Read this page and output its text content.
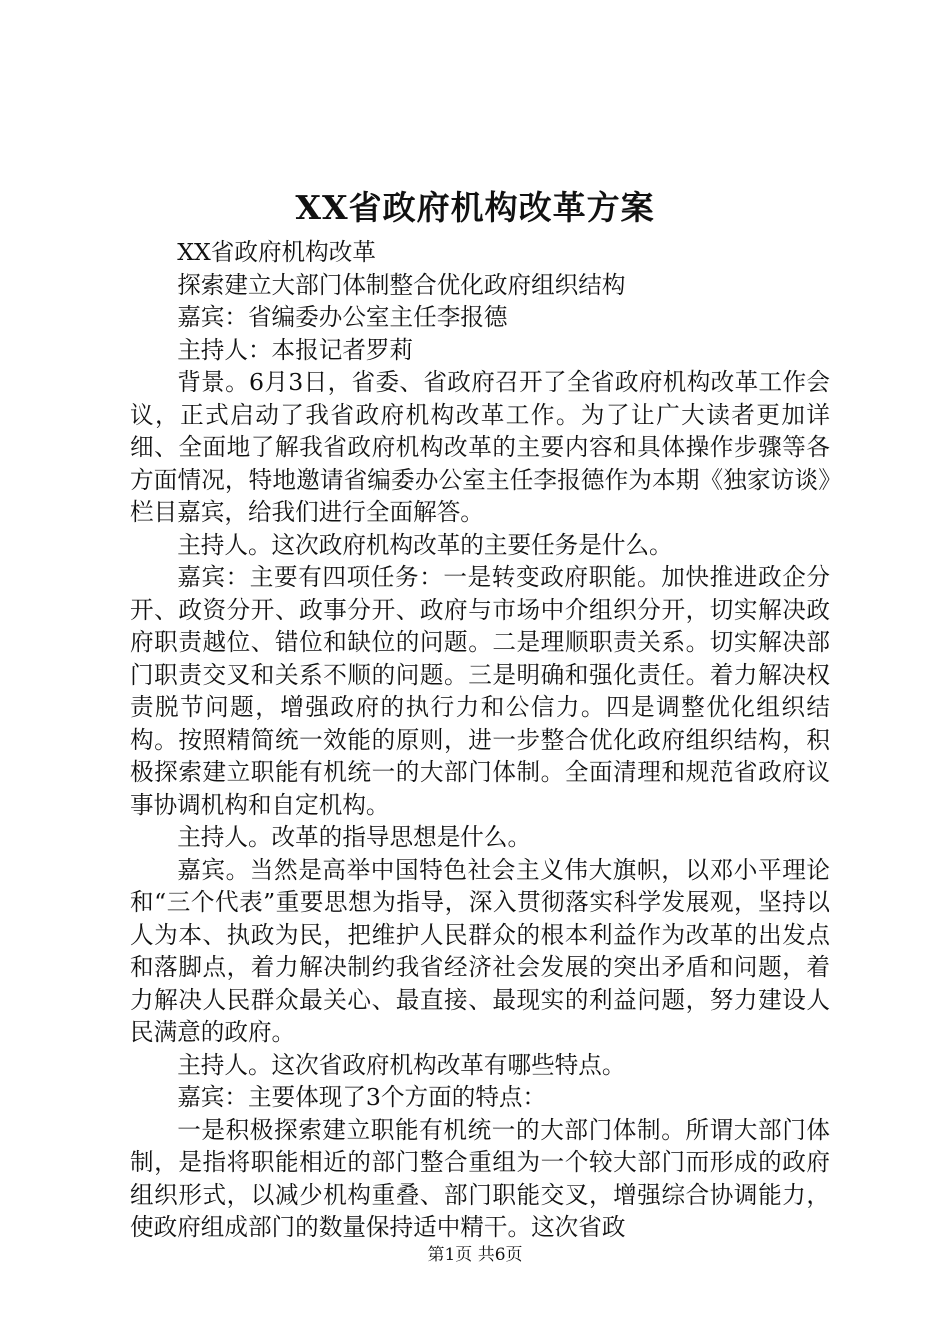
XX省政府机构改革方案

XX省政府机构改革

探索建立大部门体制整合优化政府组织结构

嘉宾：省编委办公室主任李报德

主持人：本报记者罗莉

背景。6月3日，省委、省政府召开了全省政府机构改革工作会议，正式启动了我省政府机构改革工作。为了让广大读者更加详细、全面地了解我省政府机构改革的主要内容和具体操作步骤等各方面情况，特地邀请省编委办公室主任李报德作为本期《独家访谈》栏目嘉宾，给我们进行全面解答。

主持人。这次政府机构改革的主要任务是什么。

嘉宾：主要有四项任务：一是转变政府职能。加快推进政企分开、政资分开、政事分开、政府与市场中介组织分开，切实解决政府职责越位、错位和缺位的问题。二是理顺职责关系。切实解决部门职责交叉和关系不顺的问题。三是明确和强化责任。着力解决权责脱节问题，增强政府的执行力和公信力。四是调整优化组织结构。按照精简统一效能的原则，进一步整合优化政府组织结构，积极探索建立职能有机统一的大部门体制。全面清理和规范省政府议事协调机构和自定机构。

主持人。改革的指导思想是什么。

嘉宾。当然是高举中国特色社会主义伟大旗帜，以邓小平理论和“三个代表”重要思想为指导，深入贯彻落实科学发展观，坚持以人为本、执政为民，把维护人民群众的根本利益作为改革的出发点和落脚点，着力解决制约我省经济社会发展的突出矛盾和问题，着力解决人民群众最关心、最直接、最现实的利益问题，努力建设人民满意的政府。

主持人。这次省政府机构改革有哪些特点。

嘉宾：主要体现了3个方面的特点：

一是积极探索建立职能有机统一的大部门体制。所谓大部门体制，是指将职能相近的部门整合重组为一个较大部门而形成的政府组织形式，以减少机构重叠、部门职能交叉，增强综合协调能力，使政府组成部门的数量保持适中精干。这次省政

第1页 共6页
